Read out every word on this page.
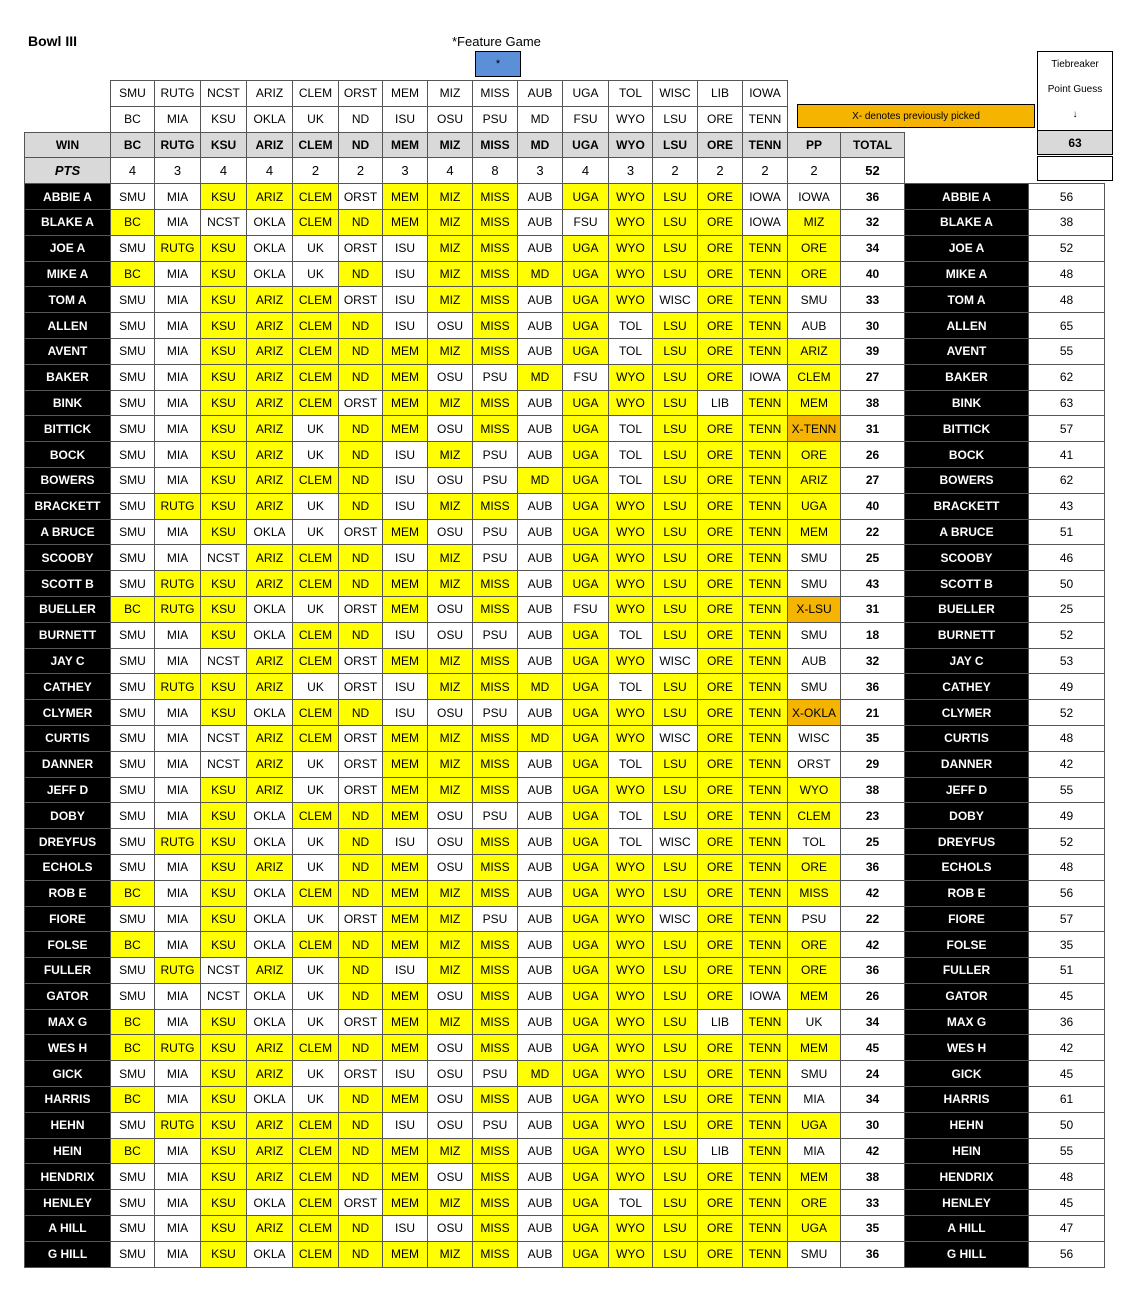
Bowl III	*Feature Game
*	Tiebreaker
Point Guess
↓
X- denotes previously picked
63
	SMU	RUTG	NCST	ARIZ	CLEM	ORST	MEM	MIZ	MISS	AUB	UGA	TOL	WISC	LIB	IOWA				
	BC	MIA	KSU	OKLA	UK	ND	ISU	OSU	PSU	MD	FSU	WYO	LSU	ORE	TENN				
WIN	BC	RUTG	KSU	ARIZ	CLEM	ND	MEM	MIZ	MISS	MD	UGA	WYO	LSU	ORE	TENN	PP	TOTAL		
PTS	4	3	4	4	2	2	3	4	8	3	4	3	2	2	2	2	52		
ABBIE A	SMU	MIA	KSU	ARIZ	CLEM	ORST	MEM	MIZ	MISS	AUB	UGA	WYO	LSU	ORE	IOWA	IOWA	36	ABBIE A	56
BLAKE A	BC	MIA	NCST	OKLA	CLEM	ND	MEM	MIZ	MISS	AUB	FSU	WYO	LSU	ORE	IOWA	MIZ	32	BLAKE A	38
JOE A	SMU	RUTG	KSU	OKLA	UK	ORST	ISU	MIZ	MISS	AUB	UGA	WYO	LSU	ORE	TENN	ORE	34	JOE A	52
MIKE A	BC	MIA	KSU	OKLA	UK	ND	ISU	MIZ	MISS	MD	UGA	WYO	LSU	ORE	TENN	ORE	40	MIKE A	48
TOM A	SMU	MIA	KSU	ARIZ	CLEM	ORST	ISU	MIZ	MISS	AUB	UGA	WYO	WISC	ORE	TENN	SMU	33	TOM A	48
ALLEN	SMU	MIA	KSU	ARIZ	CLEM	ND	ISU	OSU	MISS	AUB	UGA	TOL	LSU	ORE	TENN	AUB	30	ALLEN	65
AVENT	SMU	MIA	KSU	ARIZ	CLEM	ND	MEM	MIZ	MISS	AUB	UGA	TOL	LSU	ORE	TENN	ARIZ	39	AVENT	55
BAKER	SMU	MIA	KSU	ARIZ	CLEM	ND	MEM	OSU	PSU	MD	FSU	WYO	LSU	ORE	IOWA	CLEM	27	BAKER	62
BINK	SMU	MIA	KSU	ARIZ	CLEM	ORST	MEM	MIZ	MISS	AUB	UGA	WYO	LSU	LIB	TENN	MEM	38	BINK	63
BITTICK	SMU	MIA	KSU	ARIZ	UK	ND	MEM	OSU	MISS	AUB	UGA	TOL	LSU	ORE	TENN	X-TENN	31	BITTICK	57
BOCK	SMU	MIA	KSU	ARIZ	UK	ND	ISU	MIZ	PSU	AUB	UGA	TOL	LSU	ORE	TENN	ORE	26	BOCK	41
BOWERS	SMU	MIA	KSU	ARIZ	CLEM	ND	ISU	OSU	PSU	MD	UGA	TOL	LSU	ORE	TENN	ARIZ	27	BOWERS	62
BRACKETT	SMU	RUTG	KSU	ARIZ	UK	ND	ISU	MIZ	MISS	AUB	UGA	WYO	LSU	ORE	TENN	UGA	40	BRACKETT	43
A BRUCE	SMU	MIA	KSU	OKLA	UK	ORST	MEM	OSU	PSU	AUB	UGA	WYO	LSU	ORE	TENN	MEM	22	A BRUCE	51
SCOOBY	SMU	MIA	NCST	ARIZ	CLEM	ND	ISU	MIZ	PSU	AUB	UGA	WYO	LSU	ORE	TENN	SMU	25	SCOOBY	46
SCOTT B	SMU	RUTG	KSU	ARIZ	CLEM	ND	MEM	MIZ	MISS	AUB	UGA	WYO	LSU	ORE	TENN	SMU	43	SCOTT B	50
BUELLER	BC	RUTG	KSU	OKLA	UK	ORST	MEM	OSU	MISS	AUB	FSU	WYO	LSU	ORE	TENN	X-LSU	31	BUELLER	25
BURNETT	SMU	MIA	KSU	OKLA	CLEM	ND	ISU	OSU	PSU	AUB	UGA	TOL	LSU	ORE	TENN	SMU	18	BURNETT	52
JAY C	SMU	MIA	NCST	ARIZ	CLEM	ORST	MEM	MIZ	MISS	AUB	UGA	WYO	WISC	ORE	TENN	AUB	32	JAY C	53
CATHEY	SMU	RUTG	KSU	ARIZ	UK	ORST	ISU	MIZ	MISS	MD	UGA	TOL	LSU	ORE	TENN	SMU	36	CATHEY	49
CLYMER	SMU	MIA	KSU	OKLA	CLEM	ND	ISU	OSU	PSU	AUB	UGA	WYO	LSU	ORE	TENN	X-OKLA	21	CLYMER	52
CURTIS	SMU	MIA	NCST	ARIZ	CLEM	ORST	MEM	MIZ	MISS	MD	UGA	WYO	WISC	ORE	TENN	WISC	35	CURTIS	48
DANNER	SMU	MIA	NCST	ARIZ	UK	ORST	MEM	MIZ	MISS	AUB	UGA	TOL	LSU	ORE	TENN	ORST	29	DANNER	42
JEFF D	SMU	MIA	KSU	ARIZ	UK	ORST	MEM	MIZ	MISS	AUB	UGA	WYO	LSU	ORE	TENN	WYO	38	JEFF D	55
DOBY	SMU	MIA	KSU	OKLA	CLEM	ND	MEM	OSU	PSU	AUB	UGA	TOL	LSU	ORE	TENN	CLEM	23	DOBY	49
DREYFUS	SMU	RUTG	KSU	OKLA	UK	ND	ISU	OSU	MISS	AUB	UGA	TOL	WISC	ORE	TENN	TOL	25	DREYFUS	52
ECHOLS	SMU	MIA	KSU	ARIZ	UK	ND	MEM	OSU	MISS	AUB	UGA	WYO	LSU	ORE	TENN	ORE	36	ECHOLS	48
ROB E	BC	MIA	KSU	OKLA	CLEM	ND	MEM	MIZ	MISS	AUB	UGA	WYO	LSU	ORE	TENN	MISS	42	ROB E	56
FIORE	SMU	MIA	KSU	OKLA	UK	ORST	MEM	MIZ	PSU	AUB	UGA	WYO	WISC	ORE	TENN	PSU	22	FIORE	57
FOLSE	BC	MIA	KSU	OKLA	CLEM	ND	MEM	MIZ	MISS	AUB	UGA	WYO	LSU	ORE	TENN	ORE	42	FOLSE	35
FULLER	SMU	RUTG	NCST	ARIZ	UK	ND	ISU	MIZ	MISS	AUB	UGA	WYO	LSU	ORE	TENN	ORE	36	FULLER	51
GATOR	SMU	MIA	NCST	OKLA	UK	ND	MEM	OSU	MISS	AUB	UGA	WYO	LSU	ORE	IOWA	MEM	26	GATOR	45
MAX G	BC	MIA	KSU	OKLA	UK	ORST	MEM	MIZ	MISS	AUB	UGA	WYO	LSU	LIB	TENN	UK	34	MAX G	36
WES H	BC	RUTG	KSU	ARIZ	CLEM	ND	MEM	OSU	MISS	AUB	UGA	WYO	LSU	ORE	TENN	MEM	45	WES H	42
GICK	SMU	MIA	KSU	ARIZ	UK	ORST	ISU	OSU	PSU	MD	UGA	WYO	LSU	ORE	TENN	SMU	24	GICK	45
HARRIS	BC	MIA	KSU	OKLA	UK	ND	MEM	OSU	MISS	AUB	UGA	WYO	LSU	ORE	TENN	MIA	34	HARRIS	61
HEHN	SMU	RUTG	KSU	ARIZ	CLEM	ND	ISU	OSU	PSU	AUB	UGA	WYO	LSU	ORE	TENN	UGA	30	HEHN	50
HEIN	BC	MIA	KSU	ARIZ	CLEM	ND	MEM	MIZ	MISS	AUB	UGA	WYO	LSU	LIB	TENN	MIA	42	HEIN	55
HENDRIX	SMU	MIA	KSU	ARIZ	CLEM	ND	MEM	OSU	MISS	AUB	UGA	WYO	LSU	ORE	TENN	MEM	38	HENDRIX	48
HENLEY	SMU	MIA	KSU	OKLA	CLEM	ORST	MEM	MIZ	MISS	AUB	UGA	TOL	LSU	ORE	TENN	ORE	33	HENLEY	45
A HILL	SMU	MIA	KSU	ARIZ	CLEM	ND	ISU	OSU	MISS	AUB	UGA	WYO	LSU	ORE	TENN	UGA	35	A HILL	47
G HILL	SMU	MIA	KSU	OKLA	CLEM	ND	MEM	MIZ	MISS	AUB	UGA	WYO	LSU	ORE	TENN	SMU	36	G HILL	56
